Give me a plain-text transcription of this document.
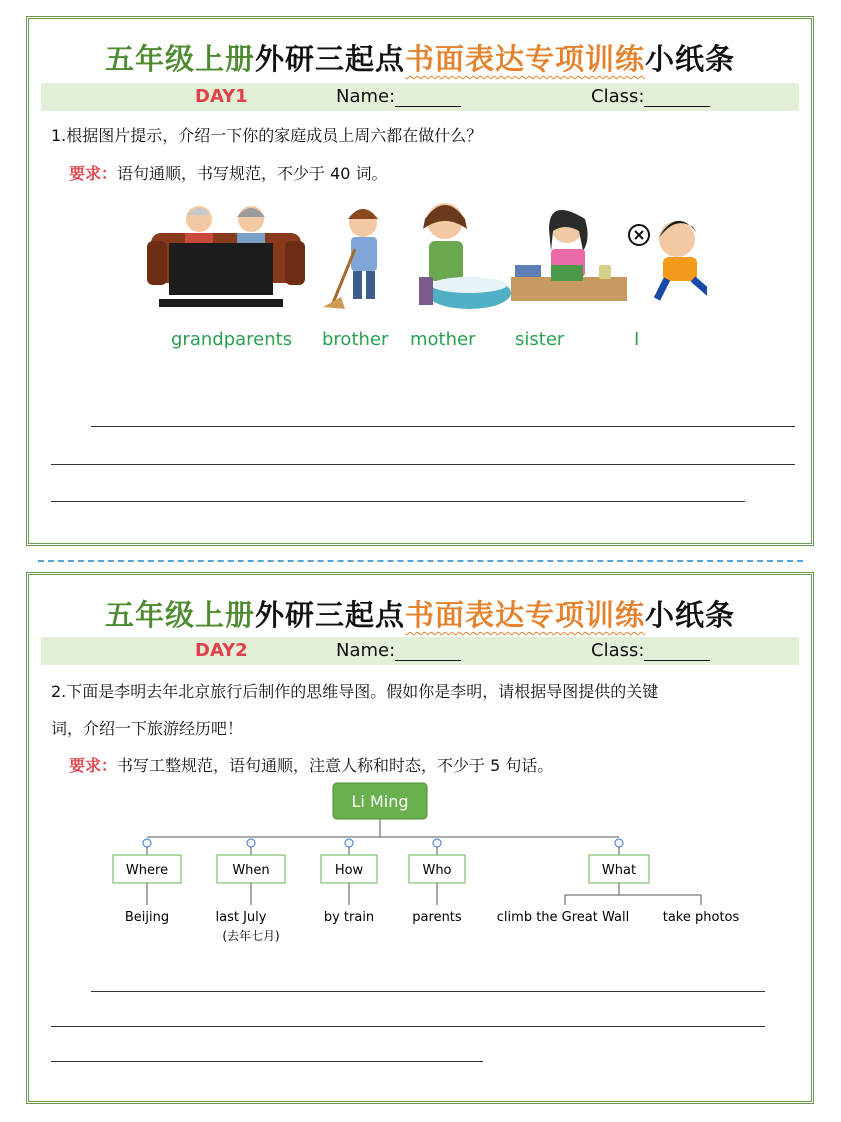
五年级上册外研三起点书面表达专项训练小纸条
DAY1	Name:	Class:
1.根据图片提示，介绍一下你的家庭成员上周六都在做什么？
要求：语句通顺，书写规范，不少于 40 词。
grandparents brother mother sister	I
五年级上册外研三起点书面表达专项训练小纸条
DAY2	Name:	Class:
2.下面是李明去年北京旅行后制作的思维导图。假如你是李明，请根据导图提供的关键
词，介绍一下旅游经历吧！
要求：书写工整规范，语句通顺，注意人称和时态，不少于 5 句话。
Li Ming
Where
Beijing
When
last July
(去年七月)
How
by train
Who
parents
What
climb the Great Wall	take photos
